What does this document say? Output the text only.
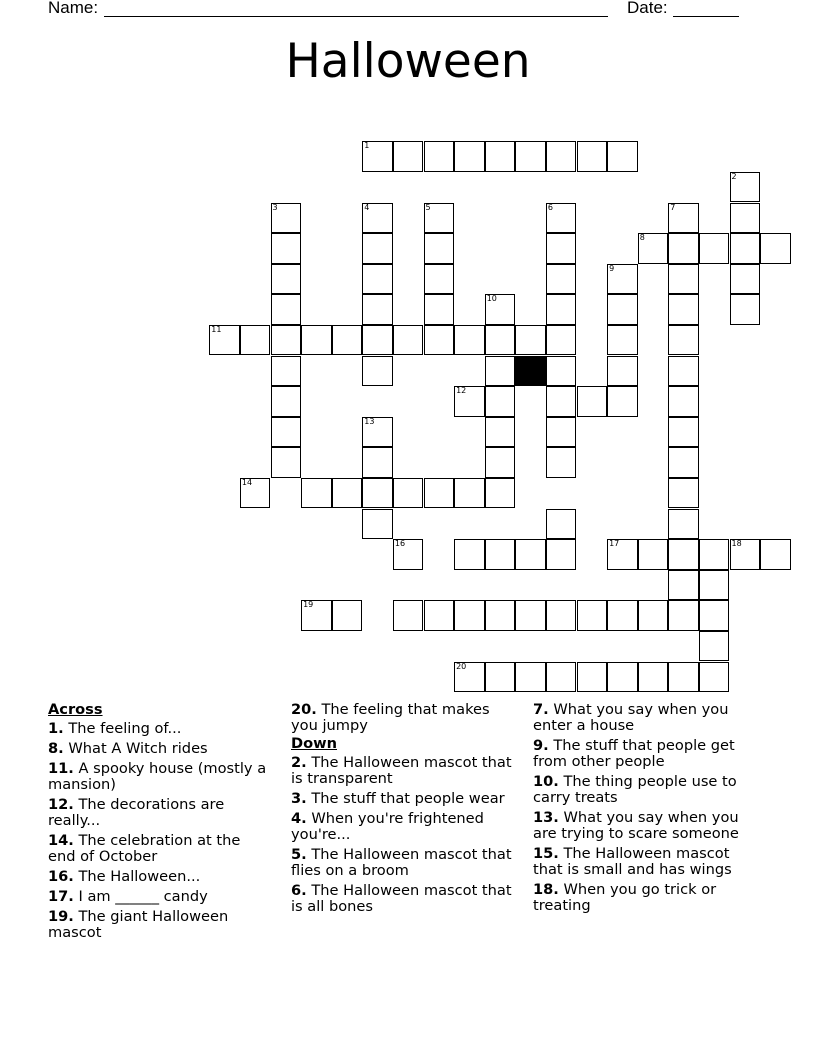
Name:	Date:
Halloween
1
2
3	4	5	6	7
8
9
10
11
12
13
14
16	17	18
19
20
Across
1. The feeling of...
8. What A Witch rides
11. A spooky house (mostly a mansion)
12. The decorations are really...
14. The celebration at the end of October
16. The Halloween...
17. I am ______ candy
19. The giant Halloween mascot
20. The feeling that makes you jumpy
Down
2. The Halloween mascot that is transparent
3. The stuff that people wear
4. When you're frightened you're...
5. The Halloween mascot that flies on a broom
6. The Halloween mascot that is all bones
7. What you say when you enter a house
9. The stuff that people get from other people
10. The thing people use to carry treats
13. What you say when you are trying to scare someone
15. The Halloween mascot that is small and has wings
18. When you go trick or treating
